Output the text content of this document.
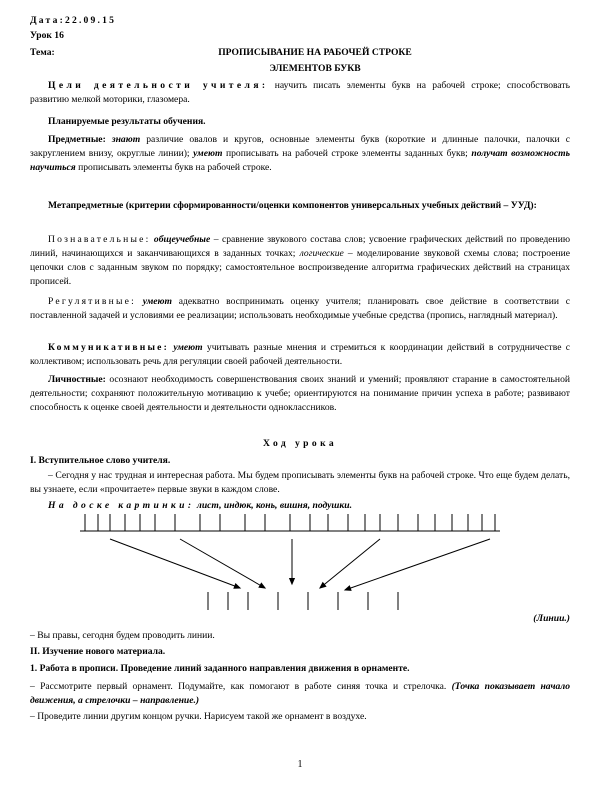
Дата:22.09.15
Урок 16
Тема:	ПРОПИСЫВАНИЕ НА РАБОЧЕЙ СТРОКЕ
ЭЛЕМЕНТОВ БУКВ
Цели деятельности учителя: научить писать элементы букв на рабочей строке; способствовать развитию мелкой моторики, глазомера.
Планируемые результаты обучения.
Предметные: знают различие овалов и кругов, основные элементы букв (короткие и длинные палочки, палочки с закруглением внизу, округлые линии); умеют прописывать на рабочей строке элементы заданных букв; получат возможность научиться прописывать элементы букв на рабочей строке.
Метапредметные (критерии сформированности/оценки компонентов универсальных учебных действий – УУД):
Познавательные: общеучебные – сравнение звукового состава слов; усвоение графических действий по проведению линий, начинающихся и заканчивающихся в заданных точках; логические – моделирование звуковой схемы слова; построение цепочки слов с заданным звуком по порядку; самостоятельное воспроизведение алгоритма графических действий на страницах прописей.
Регулятивные: умеют адекватно воспринимать оценку учителя; планировать свое действие в соответствии с поставленной задачей и условиями ее реализации; использовать необходимые учебные средства (пропись, наглядный материал).
Коммуникативные: умеют учитывать разные мнения и стремиться к координации действий в сотрудничестве с коллективом; использовать речь для регуляции своей рабочей деятельности.
Личностные: осознают необходимость совершенствования своих знаний и умений; проявляют старание в самостоятельной деятельности; сохраняют положительную мотивацию к учебе; ориентируются на понимание причин успеха в работе; развивают способность к оценке своей деятельности и деятельности одноклассников.
Ход урока
I. Вступительное слово учителя.
– Сегодня у нас трудная и интересная работа. Мы будем прописывать элементы букв на рабочей строке. Что еще будем делать, вы узнаете, если «прочитаете» первые звуки в каждом слове.
На доске картинки: лист, индюк, конь, вишня, подушки.
(Линии.)
– Вы правы, сегодня будем проводить линии.
II. Изучение нового материала.
1. Работа в прописи. Проведение линий заданного направления движения в орнаменте.
– Рассмотрите первый орнамент. Подумайте, как помогают в работе синяя точка и стрелочка. (Точка показывает начало движения, а стрелочки – направление.)
– Проведите линии другим концом ручки. Нарисуем такой же орнамент в воздухе.
1
